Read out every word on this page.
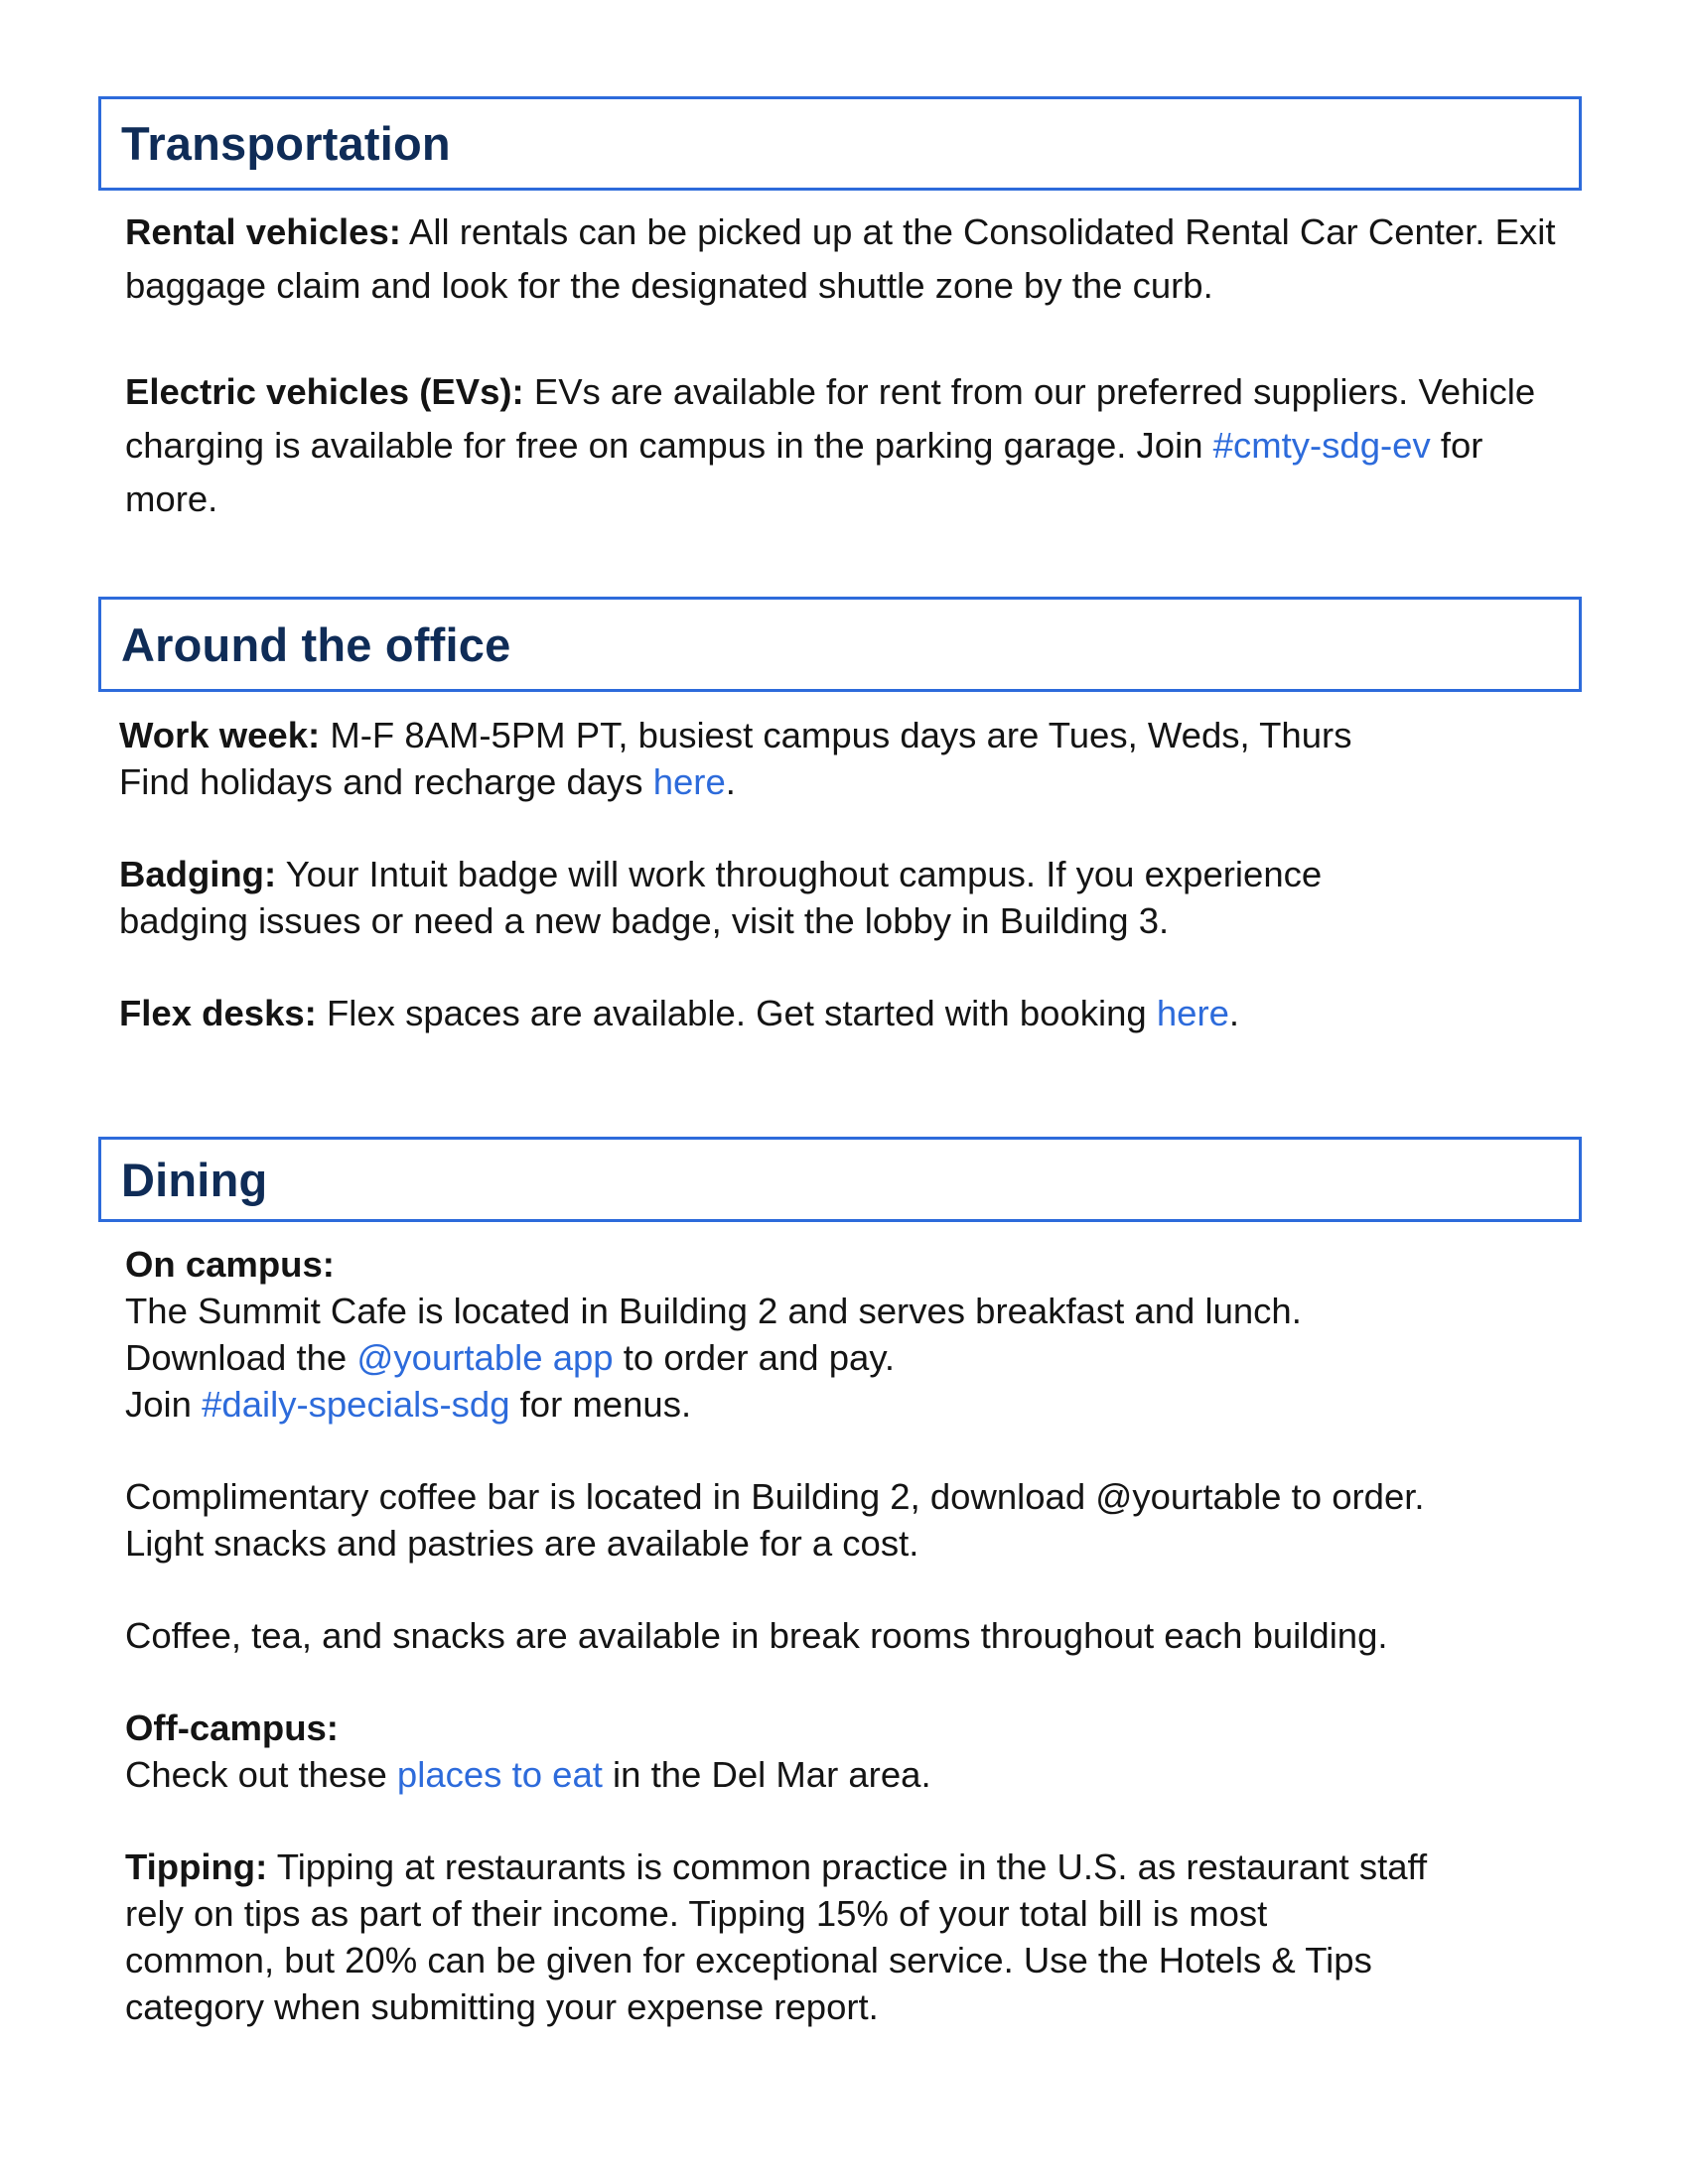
Transportation

Rental vehicles: All rentals can be picked up at the Consolidated Rental Car Center. Exit baggage claim and look for the designated shuttle zone by the curb.

Electric vehicles (EVs): EVs are available for rent from our preferred suppliers. Vehicle charging is available for free on campus in the parking garage. Join #cmty-sdg-ev for more.

Around the office

Work week: M-F 8AM-5PM PT, busiest campus days are Tues, Weds, Thurs

Find holidays and recharge days here.

Badging: Your Intuit badge will work throughout campus. If you experience

badging issues or need a new badge, visit the lobby in Building 3.

Flex desks: Flex spaces are available. Get started with booking here.

Dining

On campus:

The Summit Cafe is located in Building 2 and serves breakfast and lunch.

Download the @yourtable app to order and pay.

Join #daily-specials-sdg for menus.

Complimentary coffee bar is located in Building 2, download @yourtable to order.

Light snacks and pastries are available for a cost.

Coffee, tea, and snacks are available in break rooms throughout each building.

Off-campus:

Check out these places to eat in the Del Mar area.

Tipping: Tipping at restaurants is common practice in the U.S. as restaurant staff

rely on tips as part of their income. Tipping 15% of your total bill is most

common, but 20% can be given for exceptional service. Use the Hotels & Tips

category when submitting your expense report.
